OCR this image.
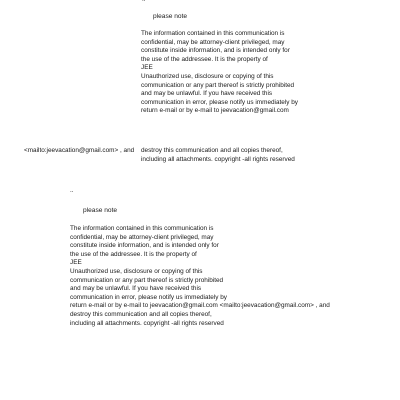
please note
The information contained in this communication is
confidential, may be attorney-client privileged, may
constitute inside information, and is intended only for
the use of the addressee. It is the property of
JEE
Unauthorized use, disclosure or copying of this
communication or any part thereof is strictly prohibited
and may be unlawful. If you have received this
communication in error, please notify us immediately by
return e-mail or by e-mail to jeevacation@gmail.com
<mailto:jeevacation@gmail.com> , and destroy this communication and all copies thereof,
including all attachments. copyright -all rights reserved
..
please note
The information contained in this communication is
confidential, may be attorney-client privileged, may
constitute inside information, and is intended only for
the use of the addressee. It is the property of
JEE
Unauthorized use, disclosure or copying of this
communication or any part thereof is strictly prohibited
and may be unlawful. If you have received this
communication in error, please notify us immediately by
return e-mail or by e-mail to jeevacation@gmail.com <mailto:jeevacation@gmail.com> , and
destroy this communication and all copies thereof,
including all attachments. copyright -all rights reserved
